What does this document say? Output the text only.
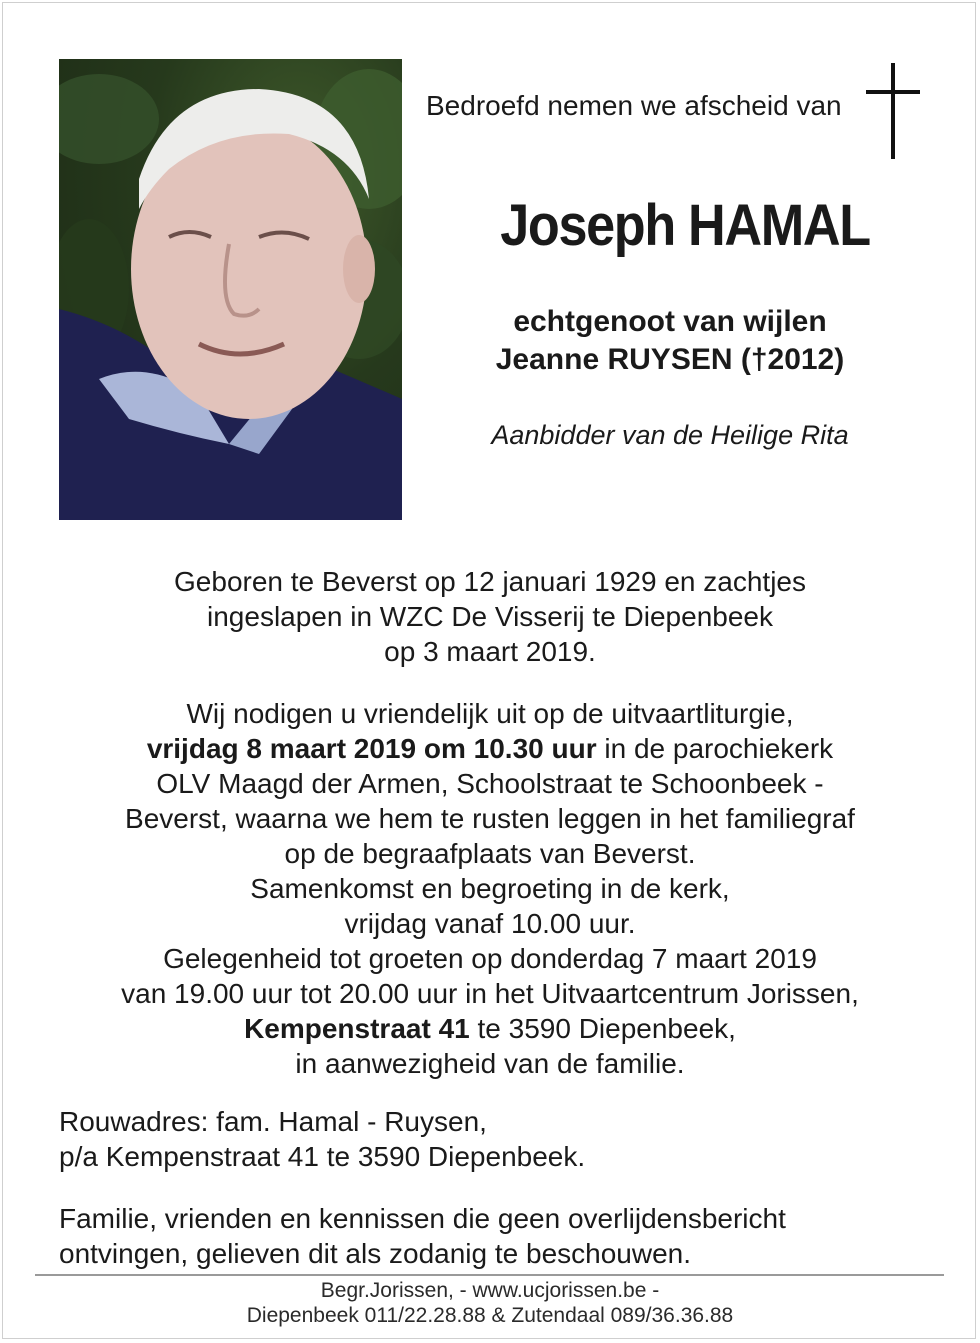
Bedroefd nemen we afscheid van
Joseph HAMAL
echtgenoot van wijlen
Jeanne RUYSEN (†2012)
Aanbidder van de Heilige Rita
Geboren te Beverst op 12 januari 1929 en zachtjes
ingeslapen in WZC De Visserij te Diepenbeek
op 3 maart 2019.
Wij nodigen u vriendelijk uit op de uitvaartliturgie,
vrijdag 8 maart 2019 om 10.30 uur in de parochiekerk
OLV Maagd der Armen, Schoolstraat te Schoonbeek -
Beverst, waarna we hem te rusten leggen in het familiegraf
op de begraafplaats van Beverst.
Samenkomst en begroeting in de kerk,
vrijdag vanaf 10.00 uur.
Gelegenheid tot groeten op donderdag 7 maart 2019
van 19.00 uur tot 20.00 uur in het Uitvaartcentrum Jorissen,
Kempenstraat 41 te 3590 Diepenbeek,
in aanwezigheid van de familie.
Rouwadres: fam. Hamal - Ruysen,
p/a Kempenstraat 41 te 3590 Diepenbeek.
Familie, vrienden en kennissen die geen overlijdensbericht
ontvingen, gelieven dit als zodanig te beschouwen.
Begr.Jorissen, - www.ucjorissen.be -
Diepenbeek 011/22.28.88 & Zutendaal 089/36.36.88
